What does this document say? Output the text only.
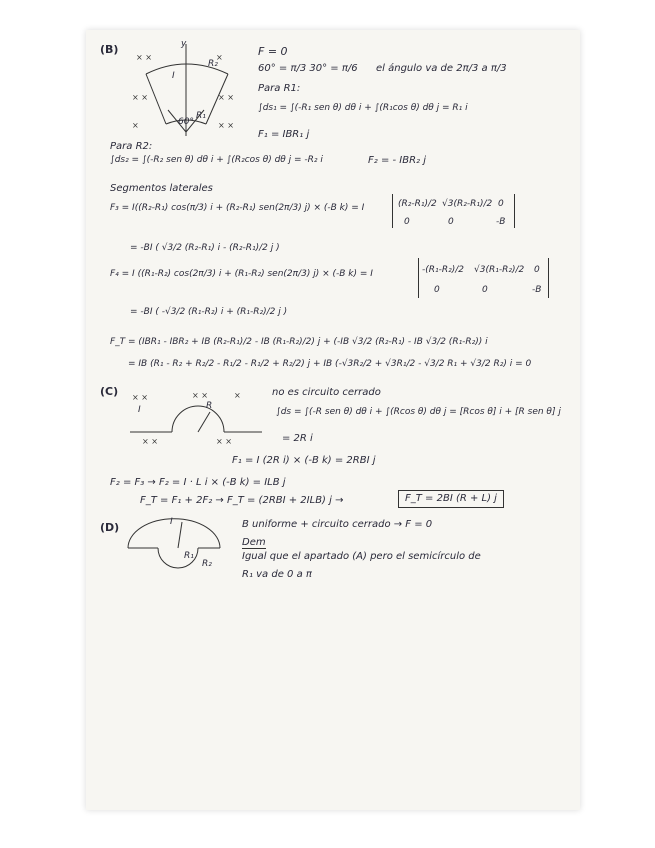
(B)
× ×	×
× ×	× ×
×	× ×
y
R₂
R₁
I
60°
F = 0
60° = π/3 30° = π/6 el ángulo va de 2π/3 a π/3
Para R1:
∫ds₁ = ∫(-R₁ sen θ) dθ i + ∫(R₁cos θ) dθ j = R₁ i
F₁ = IBR₁ j
Para R2:
∫ds₂ = ∫(-R₂ sen θ) dθ i + ∫(R₂cos θ) dθ j = -R₂ i	F₂ = - IBR₂ j
Segmentos laterales
F₃ = I((R₂-R₁) cos(π/3) i + (R₂-R₁) sen(2π/3) j) × (-B k) = I	(R₂-R₁)/2 √3(R₂-R₁)/2 0
0	0	-B
= -BI ( √3/2 (R₂-R₁) i - (R₂-R₁)/2 j )
F₄ = I ((R₁-R₂) cos(2π/3) i + (R₁-R₂) sen(2π/3) j) × (-B k) = I	-(R₁-R₂)/2 √3(R₁-R₂)/2 0
0	0	-B
= -BI ( -√3/2 (R₁-R₂) i + (R₁-R₂)/2 j )
F_T = (IBR₁ - IBR₂ + IB (R₂-R₁)/2 - IB (R₁-R₂)/2) j + (-IB √3/2 (R₂-R₁) - IB √3/2 (R₁-R₂)) i
= IB (R₁ - R₂ + R₂/2 - R₁/2 - R₁/2 + R₂/2) j + IB (-√3R₂/2 + √3R₁/2 - √3/2 R₁ + √3/2 R₂) i = 0
(C) × ×	× ×	×
× ×	× ×
I	R
no es circuito cerrado
∫ds = ∫(-R sen θ) dθ i + ∫(Rcos θ) dθ j = [Rcos θ] i + [R sen θ] j
= 2R i
F₁ = I (2R i) × (-B k) = 2RBI j
F₂ = F₃ → F₂ = I · L i × (-B k) = ILB j
F_T = F₁ + 2F₂ → F_T = (2RBI + 2ILB) j →	F_T = 2BI (R + L) j
(D)	I
R₁
R₂
B uniforme + circuito cerrado → F = 0
Dem
Igual que el apartado (A) pero el semicírculo de
R₁ va de 0 a π
